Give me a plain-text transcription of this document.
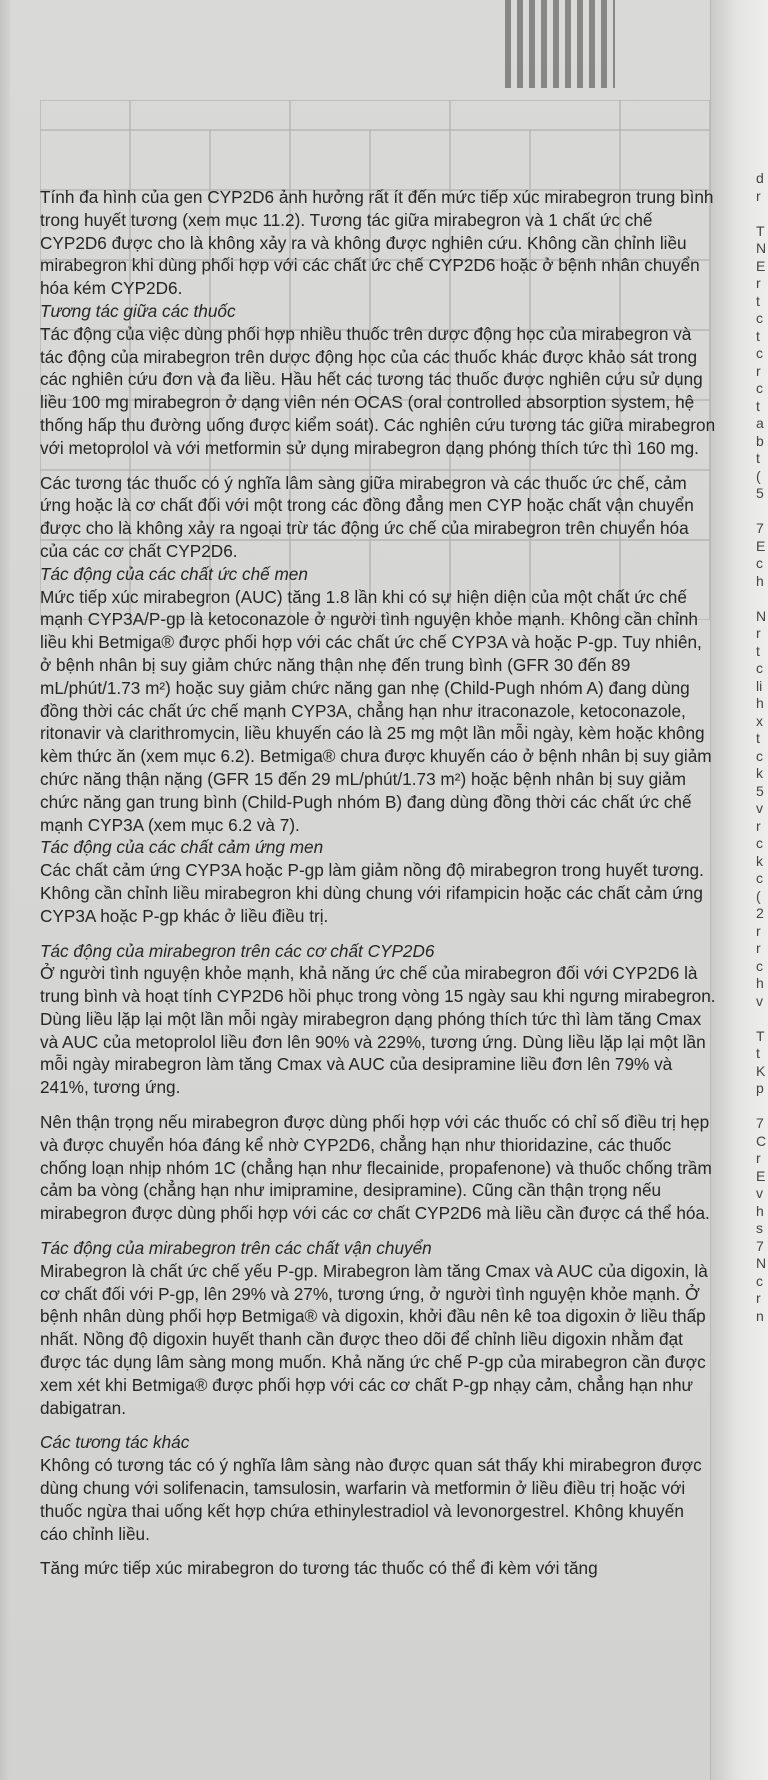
d
r

T
N
E
r
t
c
t
c
r
c
t
a
b
t
(
5

7
E
c
h

N
r
t
c
li
h
x
t
c
k
5
v
r
c
k
c
(
2
r
r
c
h
v

T
t
K
p

7
C
r
E
v
h
s
7
N
c
r
n

Tính đa hình của gen CYP2D6 ảnh hưởng rất ít đến mức tiếp xúc mirabegron trung bình trong huyết tương (xem mục 11.2). Tương tác giữa mirabegron và 1 chất ức chế CYP2D6 được cho là không xảy ra và không được nghiên cứu. Không cần chỉnh liều mirabegron khi dùng phối hợp với các chất ức chế CYP2D6 hoặc ở bệnh nhân chuyển hóa kém CYP2D6.

Tương tác giữa các thuốc

Tác động của việc dùng phối hợp nhiều thuốc trên dược động học của mirabegron và tác động của mirabegron trên dược động học của các thuốc khác được khảo sát trong các nghiên cứu đơn và đa liều. Hầu hết các tương tác thuốc được nghiên cứu sử dụng liều 100 mg mirabegron ở dạng viên nén OCAS (oral controlled absorption system, hệ thống hấp thu đường uống được kiểm soát). Các nghiên cứu tương tác giữa mirabegron với metoprolol và với metformin sử dụng mirabegron dạng phóng thích tức thì 160 mg.

Các tương tác thuốc có ý nghĩa lâm sàng giữa mirabegron và các thuốc ức chế, cảm ứng hoặc là cơ chất đối với một trong các đồng đẳng men CYP hoặc chất vận chuyển được cho là không xảy ra ngoại trừ tác động ức chế của mirabegron trên chuyển hóa của các cơ chất CYP2D6.

Tác động của các chất ức chế men

Mức tiếp xúc mirabegron (AUC) tăng 1.8 lần khi có sự hiện diện của một chất ức chế mạnh CYP3A/P-gp là ketoconazole ở người tình nguyện khỏe mạnh. Không cần chỉnh liều khi Betmiga® được phối hợp với các chất ức chế CYP3A và hoặc P-gp. Tuy nhiên, ở bệnh nhân bị suy giảm chức năng thận nhẹ đến trung bình (GFR 30 đến 89 mL/phút/1.73 m²) hoặc suy giảm chức năng gan nhẹ (Child-Pugh nhóm A) đang dùng đồng thời các chất ức chế mạnh CYP3A, chẳng hạn như itraconazole, ketoconazole, ritonavir và clarithromycin, liều khuyến cáo là 25 mg một lần mỗi ngày, kèm hoặc không kèm thức ăn (xem mục 6.2). Betmiga® chưa được khuyến cáo ở bệnh nhân bị suy giảm chức năng thận nặng (GFR 15 đến 29 mL/phút/1.73 m²) hoặc bệnh nhân bị suy giảm chức năng gan trung bình (Child-Pugh nhóm B) đang dùng đồng thời các chất ức chế mạnh CYP3A (xem mục 6.2 và 7).

Tác động của các chất cảm ứng men

Các chất cảm ứng CYP3A hoặc P-gp làm giảm nồng độ mirabegron trong huyết tương. Không cần chỉnh liều mirabegron khi dùng chung với rifampicin hoặc các chất cảm ứng CYP3A hoặc P-gp khác ở liều điều trị.

Tác động của mirabegron trên các cơ chất CYP2D6

Ở người tình nguyện khỏe mạnh, khả năng ức chế của mirabegron đối với CYP2D6 là trung bình và hoạt tính CYP2D6 hồi phục trong vòng 15 ngày sau khi ngưng mirabegron. Dùng liều lặp lại một lần mỗi ngày mirabegron dạng phóng thích tức thì làm tăng Cmax và AUC của metoprolol liều đơn lên 90% và 229%, tương ứng. Dùng liều lặp lại một lần mỗi ngày mirabegron làm tăng Cmax và AUC của desipramine liều đơn lên 79% và 241%, tương ứng.

Nên thận trọng nếu mirabegron được dùng phối hợp với các thuốc có chỉ số điều trị hẹp và được chuyển hóa đáng kể nhờ CYP2D6, chẳng hạn như thioridazine, các thuốc chống loạn nhịp nhóm 1C (chẳng hạn như flecainide, propafenone) và thuốc chống trầm cảm ba vòng (chẳng hạn như imipramine, desipramine). Cũng cần thận trọng nếu mirabegron được dùng phối hợp với các cơ chất CYP2D6 mà liều cần được cá thể hóa.

Tác động của mirabegron trên các chất vận chuyển

Mirabegron là chất ức chế yếu P-gp. Mirabegron làm tăng Cmax và AUC của digoxin, là cơ chất đối với P-gp, lên 29% và 27%, tương ứng, ở người tình nguyện khỏe mạnh. Ở bệnh nhân dùng phối hợp Betmiga® và digoxin, khởi đầu nên kê toa digoxin ở liều thấp nhất. Nồng độ digoxin huyết thanh cần được theo dõi để chỉnh liều digoxin nhằm đạt được tác dụng lâm sàng mong muốn. Khả năng ức chế P-gp của mirabegron cần được xem xét khi Betmiga® được phối hợp với các cơ chất P-gp nhạy cảm, chẳng hạn như dabigatran.

Các tương tác khác

Không có tương tác có ý nghĩa lâm sàng nào được quan sát thấy khi mirabegron được dùng chung với solifenacin, tamsulosin, warfarin và metformin ở liều điều trị hoặc với thuốc ngừa thai uống kết hợp chứa ethinylestradiol và levonorgestrel. Không khuyến cáo chỉnh liều.

Tăng mức tiếp xúc mirabegron do tương tác thuốc có thể đi kèm với tăng
